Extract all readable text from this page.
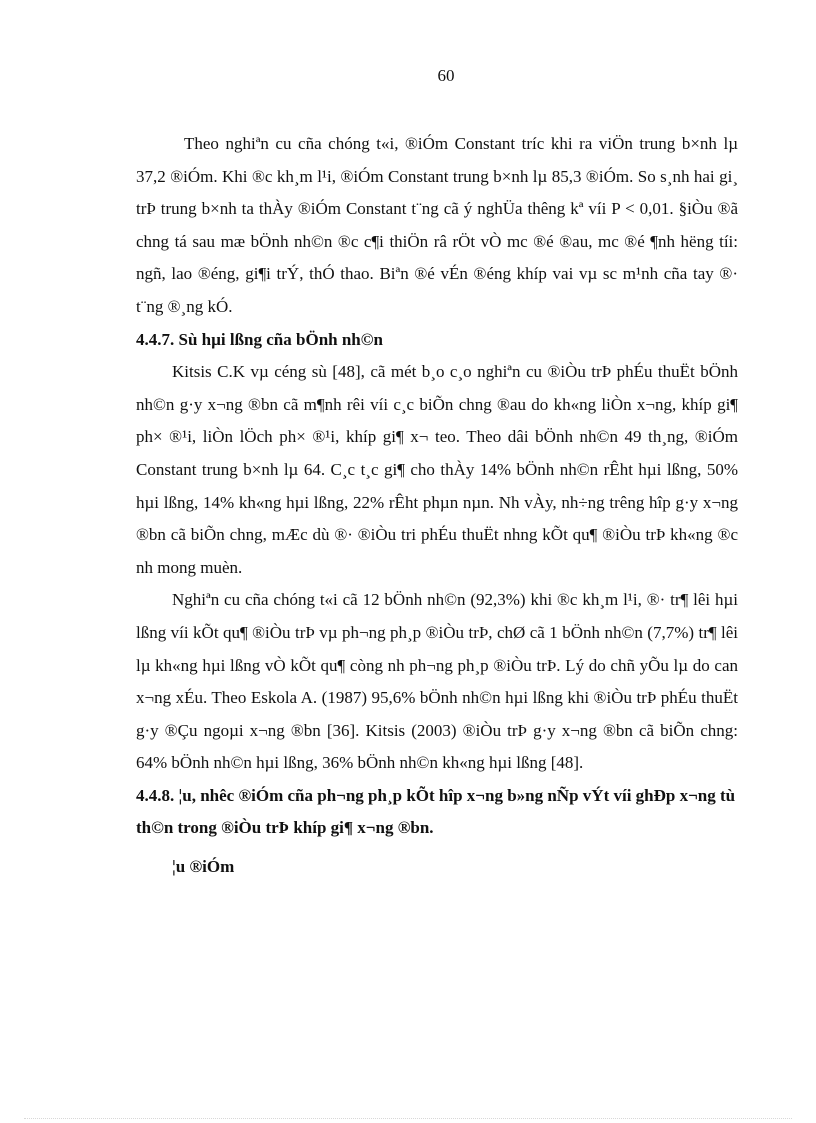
60

Theo nghiªn cu cña chóng t«i, ®iÓm Constant tríc khi ra viÖn trung b×nh lµ 37,2 ®iÓm. Khi ®c kh¸m l¹i, ®iÓm Constant trung b×nh lµ 85,3 ®iÓm. So s¸nh hai gi¸ trÞ trung b×nh ta thÀy ®iÓm Constant t¨ng cã ý nghÜa thêng kª víi P < 0,01. §iÒu ®ã chng tá sau mæ bÖnh nh©n ®c c¶i thiÖn râ rÖt vÒ mc ®é ®au, mc ®é ¶nh hëng tíi: ngñ, lao ®éng, gi¶i trÝ, thÓ thao. Biªn ®é vÉn ®éng khíp vai vµ sc m¹nh cña tay ®· t¨ng ®¸ng kÓ.

4.4.7. Sù hµi lßng cña bÖnh nh©n

Kitsis C.K vµ céng sù [48], cã mét b¸o c¸o nghiªn cu ®iÒu trÞ phÉu thuËt bÖnh nh©n g·y x¬ng ®bn cã m¶nh rêi víi c¸c biÕn chng ®au do kh«ng liÒn x¬ng, khíp gi¶ ph× ®¹i, liÒn lÖch ph× ®¹i, khíp gi¶ x¬ teo. Theo dâi bÖnh nh©n 49 th¸ng, ®iÓm Constant trung b×nh lµ 64. C¸c t¸c gi¶ cho thÀy 14% bÖnh nh©n rÊht hµi lßng, 50% hµi lßng, 14% kh«ng hµi lßng, 22% rÊht phµn nµn. Nh vÀy, nh÷ng trêng hîp g·y x¬ng ®bn cã biÕn chng, mÆc dù ®· ®iÒu tri phÉu thuËt nhng kÕt qu¶ ®iÒu trÞ kh«ng ®c nh mong muèn.

Nghiªn cu cña chóng t«i cã 12 bÖnh nh©n (92,3%) khi ®c kh¸m l¹i, ®· tr¶ lêi hµi lßng víi kÕt qu¶ ®iÒu trÞ vµ ph¬ng ph¸p ®iÒu trÞ, chØ cã 1 bÖnh nh©n (7,7%) tr¶ lêi lµ kh«ng hµi lßng vÒ kÕt qu¶ còng nh ph¬ng ph¸p ®iÒu trÞ. Lý do chñ yÕu lµ do can x¬ng xÉu. Theo Eskola A. (1987) 95,6% bÖnh nh©n hµi lßng khi ®iÒu trÞ phÉu thuËt g·y ®Çu ngoµi x¬ng ®bn [36]. Kitsis (2003) ®iÒu trÞ g·y x¬ng ®bn cã biÕn chng: 64% bÖnh nh©n hµi lßng, 36% bÖnh nh©n kh«ng hµi lßng [48].

4.4.8. ¦u, nhêc ®iÓm cña ph¬ng ph¸p kÕt hîp x¬ng b»ng nÑp vÝt víi ghÐp x¬ng tù th©n trong ®iÒu trÞ khíp gi¶ x¬ng ®bn.

¦u ®iÓm
